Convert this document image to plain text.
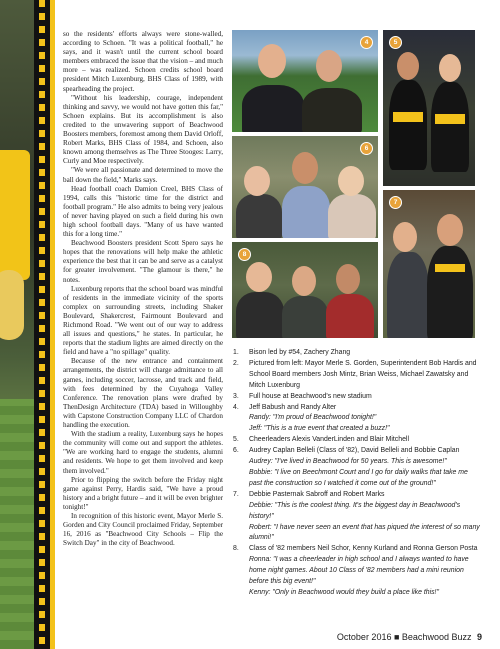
so the residents' efforts always were stone-walled, according to Schoen. "It was a political football," he says, and it wasn't until the current school board members embraced the issue that the vision – and much more – was realized. Schoen credits school board president Mitch Luxenburg, BHS Class of 1989, with spearheading the project.

"Without his leadership, courage, independent thinking and savvy, we would not have gotten this far," Schoen explains. But its accomplishment is also credited to the unwavering support of Beachwood Boosters members, foremost among them David Orloff, Robert Marks, BHS Class of 1984, and Schoen, also known among themselves as The Three Stooges: Larry, Curly and Moe respectively.

"We were all passionate and determined to move the ball down the field," Marks says.

Head football coach Damion Creel, BHS Class of 1994, calls this "historic time for the district and football program." He also admits to being very jealous of never having played on such a field during his own high school football days. "Many of us have wanted this for a long time."

Beachwood Boosters president Scott Spero says he hopes that the renovations will help make the athletic experience the best that it can be and serve as a catalyst for greater involvement. "The glamour is there," he notes.

Luxenburg reports that the school board was mindful of residents in the immediate vicinity of the sports complex on surrounding streets, including Shaker Boulevard, Shakercrest, Fairmount Boulevard and Richmond Road. "We went out of our way to address all issues and questions," he states. In particular, he reports that the stadium lights are aimed directly on the field and have a "no spillage" quality.

Because of the new entrance and containment arrangements, the district will charge admittance to all games, including soccer, lacrosse, and track and field, with fees determined by the Cuyahoga Valley Conference. The renovation plans were drafted by ThenDesign Architecture (TDA) based in Willoughby with Capstone Construction Company LLC of Chardon handling the execution.

With the stadium a reality, Luxenburg says he hopes the community will come out and support the athletes. "We are working hard to engage the students, alumni and residents. We hope to get them involved and keep them involved."

Prior to flipping the switch before the Friday night game against Perry, Hardis said, "We have a proud history and a bright future – and it will be even brighter tonight!"

In recognition of this historic event, Mayor Merle S. Gorden and City Council proclaimed Friday, September 16, 2016 as "Beachwood City Schools – Flip the Switch Day" in the city of Beachwood.

4	5
6
7
8
1.	Bison led by #54, Zachery Zhang
2.	Pictured from left: Mayor Merle S. Gorden, Superintendent Bob Hardis and School Board members Josh Mintz, Brian Weiss, Michael Zawatsky and Mitch Luxenburg
3.	Full house at Beachwood's new stadium
4.	Jeff Babush and Randy Alter
Randy: "I'm proud of Beachwood tonight!"
Jeff: "This is a true event that created a buzz!"
5.	Cheerleaders Alexis VanderLinden and Blair Mitchell
6.	Audrey Caplan Belleli (Class of '82), David Belleli and Bobbie Caplan
Audrey: "I've lived in Beachwood for 50 years. This is awesome!"
Bobbie: "I live on Beechmont Court and I go for daily walks that take me past the construction so I watched it come out of the ground!"
7.	Debbie Pasternak Sabroff and Robert Marks
Debbie: "This is the coolest thing. It's the biggest day in Beachwood's history!"
Robert: "I have never seen an event that has piqued the interest of so many alumni!"
8.	Class of '82 members Neil Schor, Kenny Kurland and Ronna Gerson Posta
Ronna: "I was a cheerleader in high school and I always wanted to have home night games. About 10 Class of '82 members had a mini reunion before this big event!"
Kenny: "Only in Beachwood would they build a place like this!"
October 2016 ■ Beachwood Buzz 9
